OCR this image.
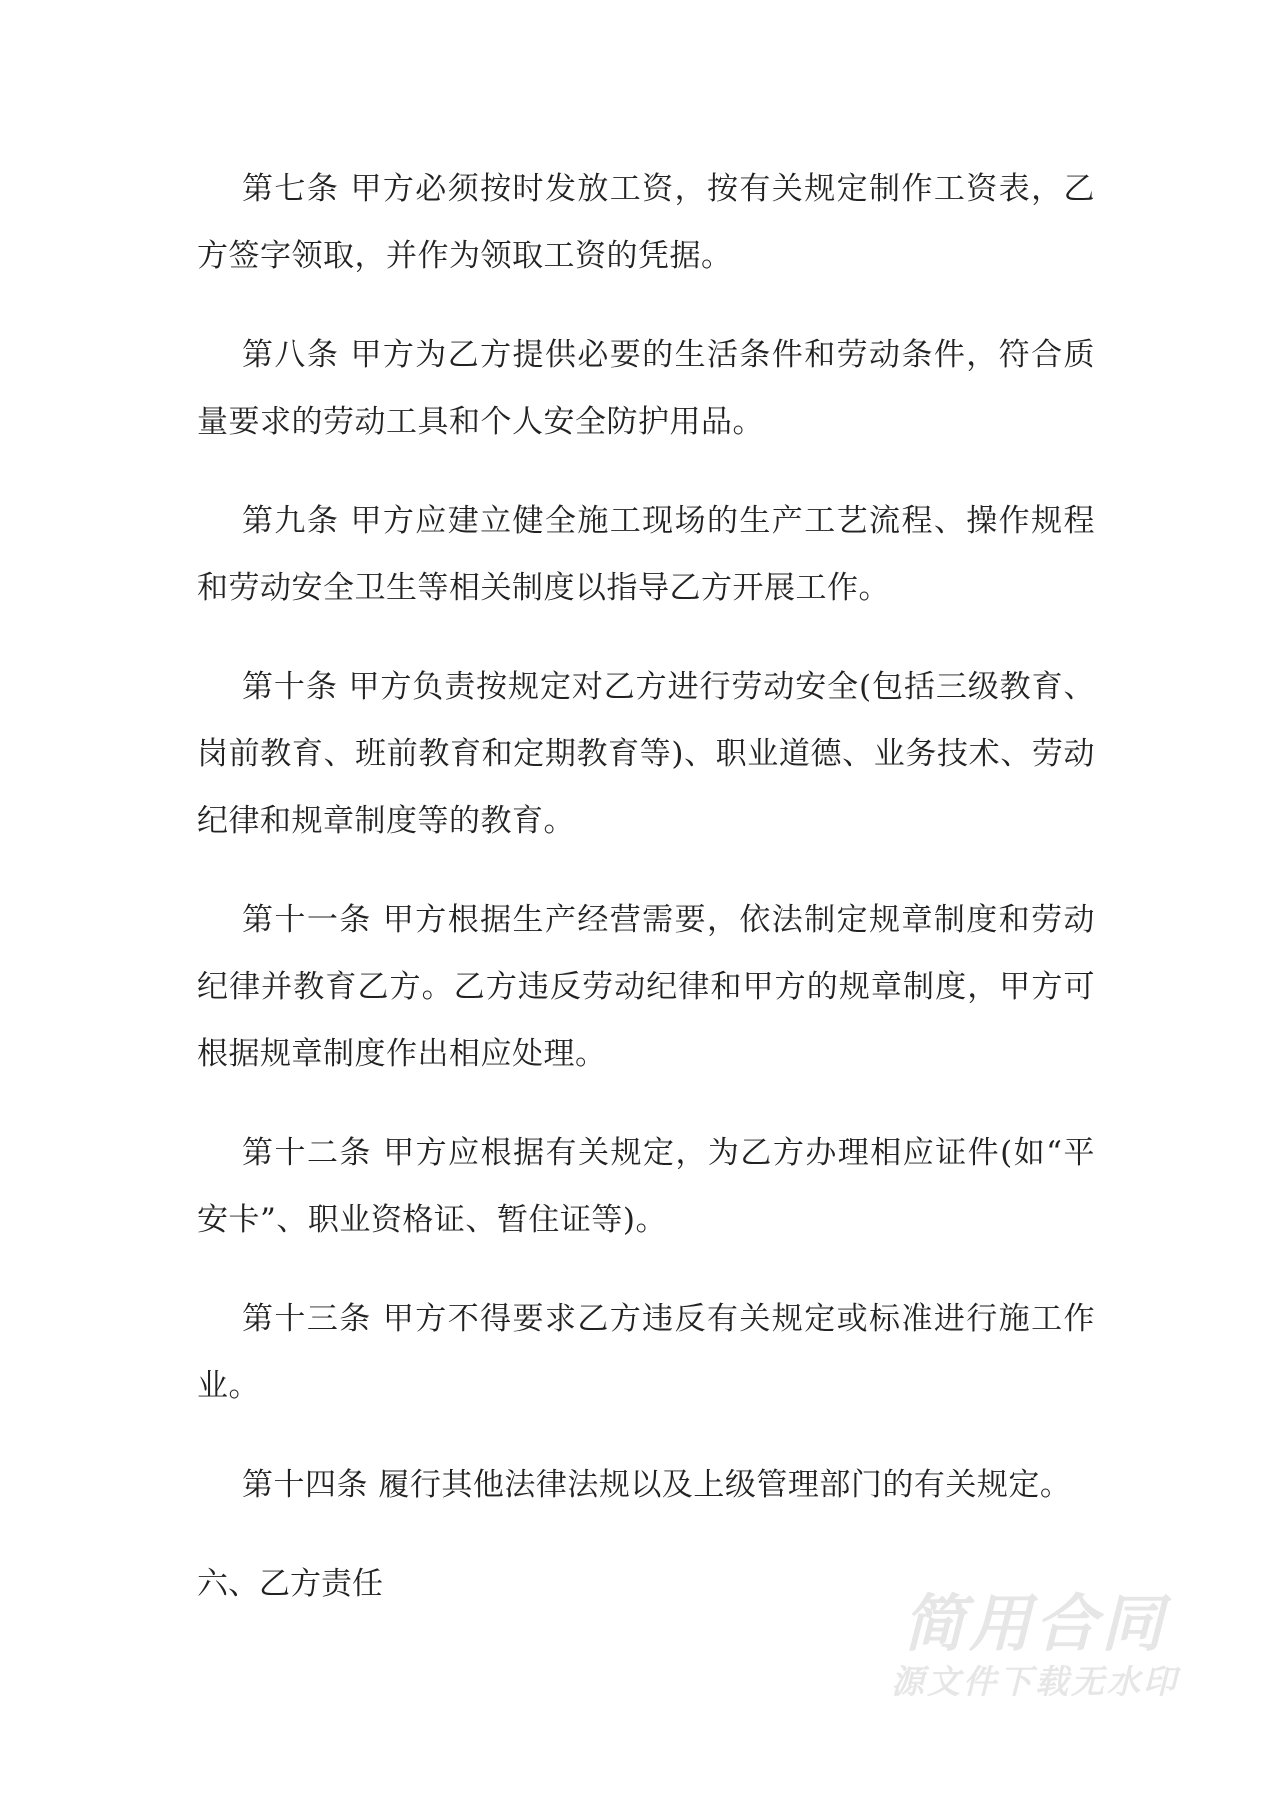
第七条 甲方必须按时发放工资，按有关规定制作工资表，乙方签字领取，并作为领取工资的凭据。

第八条 甲方为乙方提供必要的生活条件和劳动条件，符合质量要求的劳动工具和个人安全防护用品。

第九条 甲方应建立健全施工现场的生产工艺流程、操作规程和劳动安全卫生等相关制度以指导乙方开展工作。

第十条 甲方负责按规定对乙方进行劳动安全(包括三级教育、岗前教育、班前教育和定期教育等)、职业道德、业务技术、劳动纪律和规章制度等的教育。

第十一条 甲方根据生产经营需要，依法制定规章制度和劳动纪律并教育乙方。乙方违反劳动纪律和甲方的规章制度，甲方可根据规章制度作出相应处理。

第十二条 甲方应根据有关规定，为乙方办理相应证件(如“平安卡”、职业资格证、暂住证等)。

第十三条 甲方不得要求乙方违反有关规定或标准进行施工作业。

第十四条 履行其他法律法规以及上级管理部门的有关规定。

六、乙方责任

简用合同
源文件下载无水印
